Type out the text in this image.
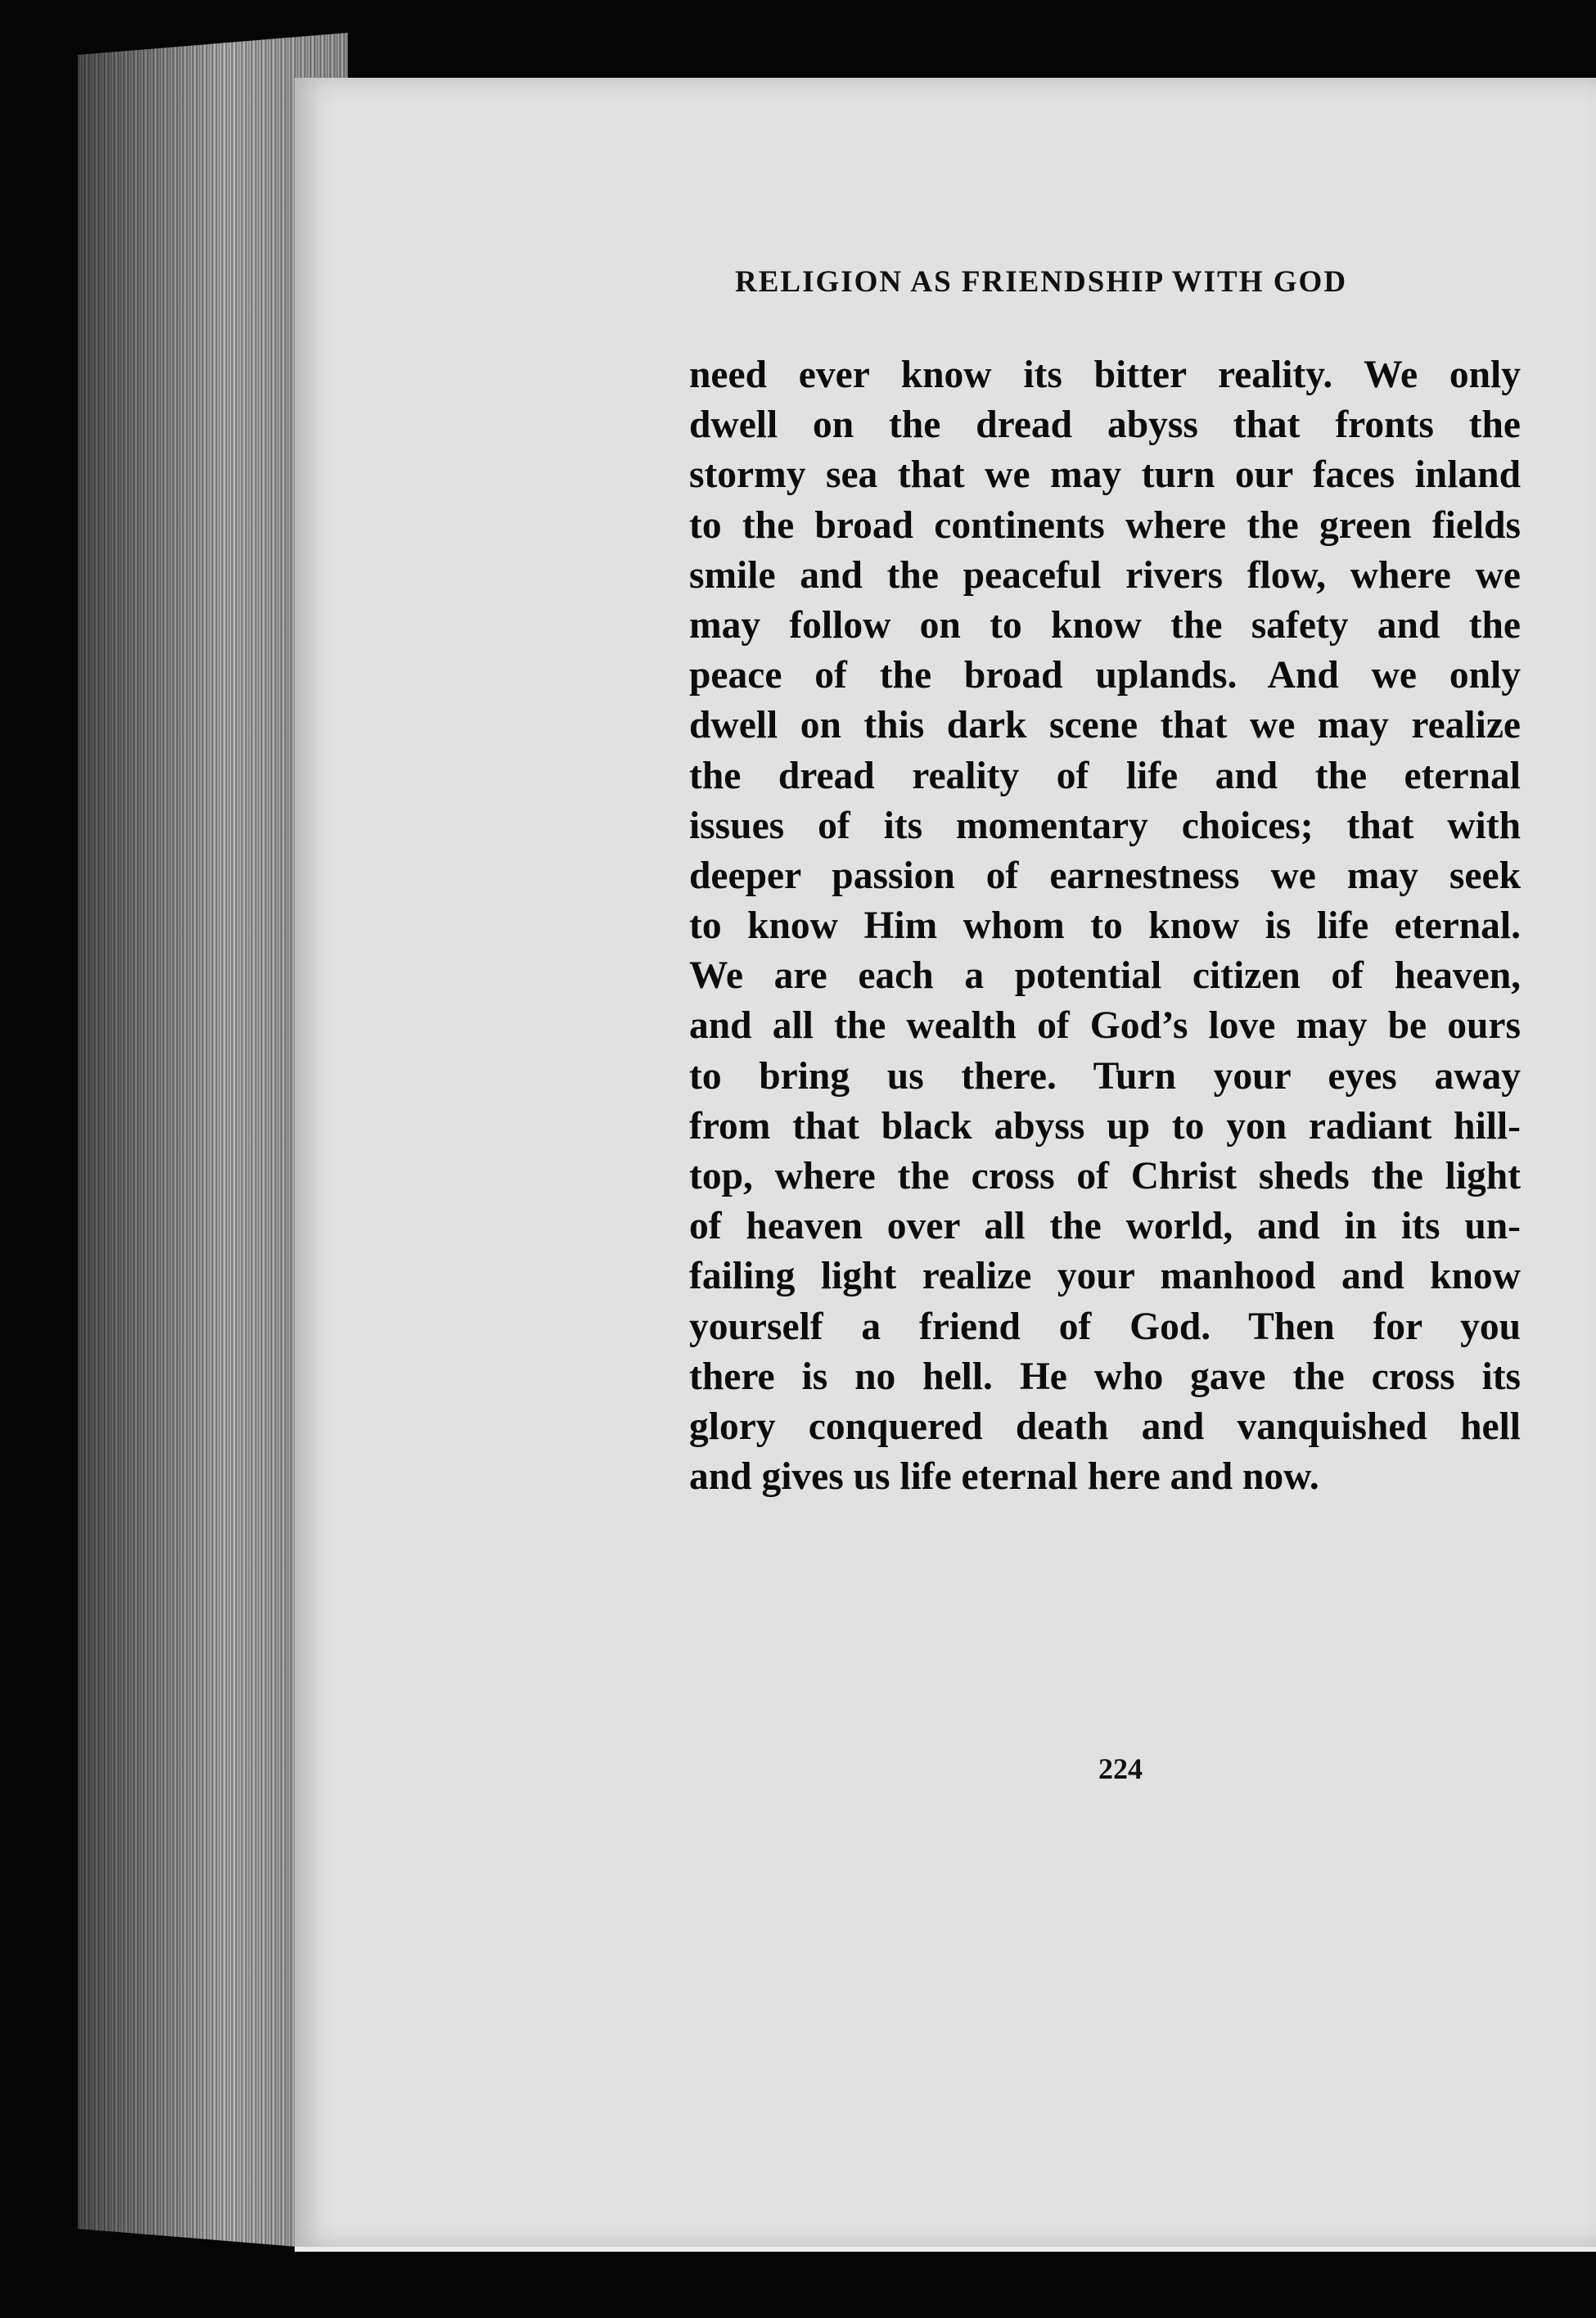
RELIGION AS FRIENDSHIP WITH GOD
need ever know its bitter reality. We only
dwell on the dread abyss that fronts the
stormy sea that we may turn our faces inland
to the broad continents where the green fields
smile and the peaceful rivers flow, where we
may follow on to know the safety and the
peace of the broad uplands. And we only
dwell on this dark scene that we may realize
the dread reality of life and the eternal
issues of its momentary choices; that with
deeper passion of earnestness we may seek
to know Him whom to know is life eternal.
We are each a potential citizen of heaven,
and all the wealth of God’s love may be ours
to bring us there. Turn your eyes away
from that black abyss up to yon radiant hill-
top, where the cross of Christ sheds the light
of heaven over all the world, and in its un-
failing light realize your manhood and know
yourself a friend of God. Then for you
there is no hell. He who gave the cross its
glory conquered death and vanquished hell
and gives us life eternal here and now.
224
